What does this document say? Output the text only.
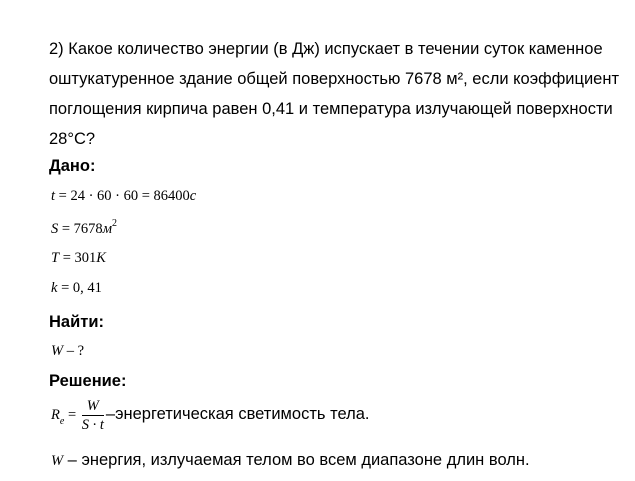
2) Какое количество энергии (в Дж) испускает в течении суток каменное
оштукатуренное здание общей поверхностью 7678 м², если коэффициент
поглощения кирпича равен 0,41 и температура излучающей поверхности
28°С?
Дано:
t = 24 · 60 · 60 = 86400с
$S = 7678м^2$
T = 301K
k = 0, 41
Найти:
W – ?
Решение:
$R_e = \frac{W}{S \cdot t}$ –энергетическая светимость тела.
W – энергия, излучаемая телом во всем диапазоне длин волн.
